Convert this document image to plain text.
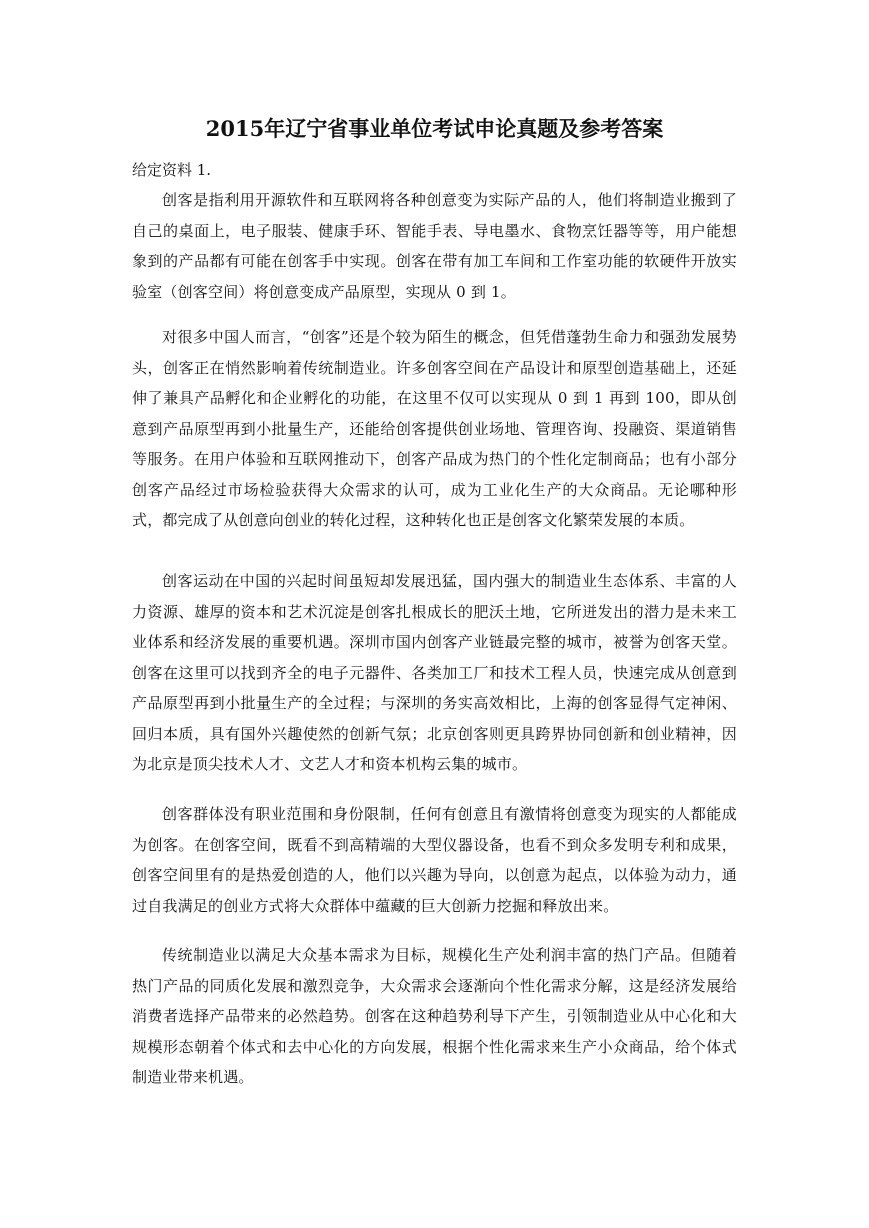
2015年辽宁省事业单位考试申论真题及参考答案

给定资料 1.

创客是指利用开源软件和互联网将各种创意变为实际产品的人，他们将制造业搬到了自己的桌面上，电子服装、健康手环、智能手表、导电墨水、食物烹饪器等等，用户能想象到的产品都有可能在创客手中实现。创客在带有加工车间和工作室功能的软硬件开放实验室（创客空间）将创意变成产品原型，实现从 0 到 1。

对很多中国人而言，“创客”还是个较为陌生的概念，但凭借蓬勃生命力和强劲发展势头，创客正在悄然影响着传统制造业。许多创客空间在产品设计和原型创造基础上，还延伸了兼具产品孵化和企业孵化的功能，在这里不仅可以实现从 0 到 1 再到 100，即从创意到产品原型再到小批量生产，还能给创客提供创业场地、管理咨询、投融资、渠道销售等服务。在用户体验和互联网推动下，创客产品成为热门的个性化定制商品；也有小部分创客产品经过市场检验获得大众需求的认可，成为工业化生产的大众商品。无论哪种形式，都完成了从创意向创业的转化过程，这种转化也正是创客文化繁荣发展的本质。

创客运动在中国的兴起时间虽短却发展迅猛，国内强大的制造业生态体系、丰富的人力资源、雄厚的资本和艺术沉淀是创客扎根成长的肥沃土地，它所迸发出的潜力是未来工业体系和经济发展的重要机遇。深圳市国内创客产业链最完整的城市，被誉为创客天堂。创客在这里可以找到齐全的电子元器件、各类加工厂和技术工程人员，快速完成从创意到产品原型再到小批量生产的全过程；与深圳的务实高效相比，上海的创客显得气定神闲、回归本质，具有国外兴趣使然的创新气氛；北京创客则更具跨界协同创新和创业精神，因为北京是顶尖技术人才、文艺人才和资本机构云集的城市。

创客群体没有职业范围和身份限制，任何有创意且有激情将创意变为现实的人都能成为创客。在创客空间，既看不到高精端的大型仪器设备，也看不到众多发明专利和成果，创客空间里有的是热爱创造的人，他们以兴趣为导向，以创意为起点，以体验为动力，通过自我满足的创业方式将大众群体中蕴藏的巨大创新力挖掘和释放出来。

传统制造业以满足大众基本需求为目标，规模化生产处利润丰富的热门产品。但随着热门产品的同质化发展和激烈竞争，大众需求会逐渐向个性化需求分解，这是经济发展给消费者选择产品带来的必然趋势。创客在这种趋势利导下产生，引领制造业从中心化和大规模形态朝着个体式和去中心化的方向发展，根据个性化需求来生产小众商品，给个体式制造业带来机遇。
